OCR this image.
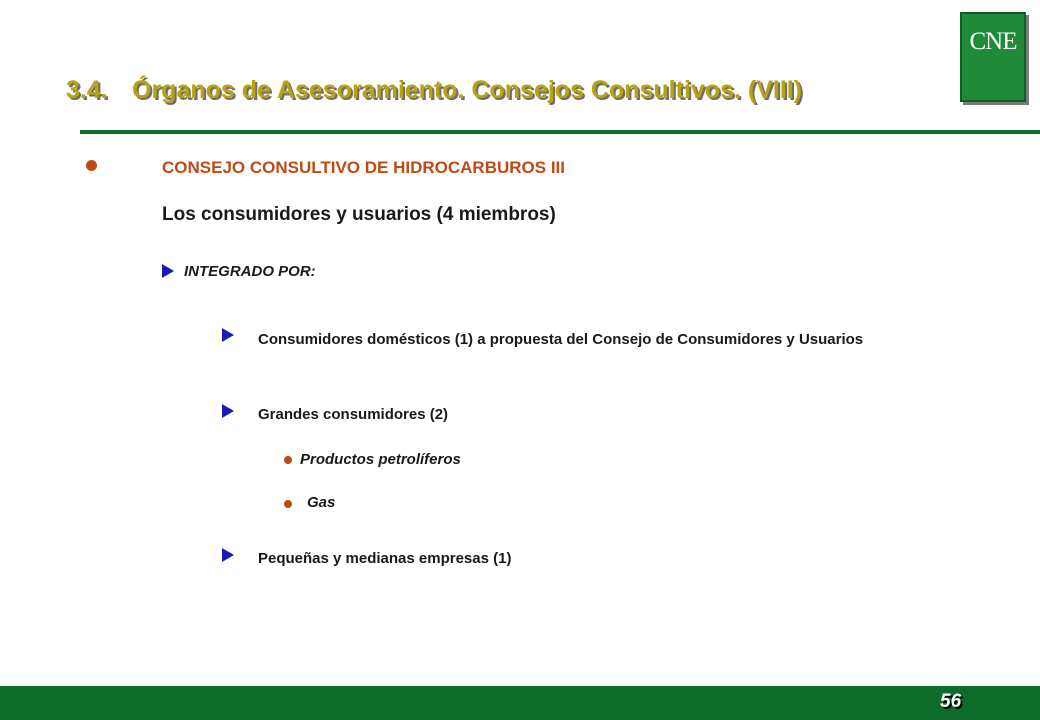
CNE
3.4. Órganos de Asesoramiento. Consejos Consultivos. (VIII)
CONSEJO CONSULTIVO DE HIDROCARBUROS III
Los consumidores y usuarios (4 miembros)
INTEGRADO POR:
Consumidores domésticos (1) a propuesta del Consejo de Consumidores y Usuarios
Grandes consumidores (2)
Productos petrolíferos
Gas
Pequeñas y medianas empresas (1)
56
